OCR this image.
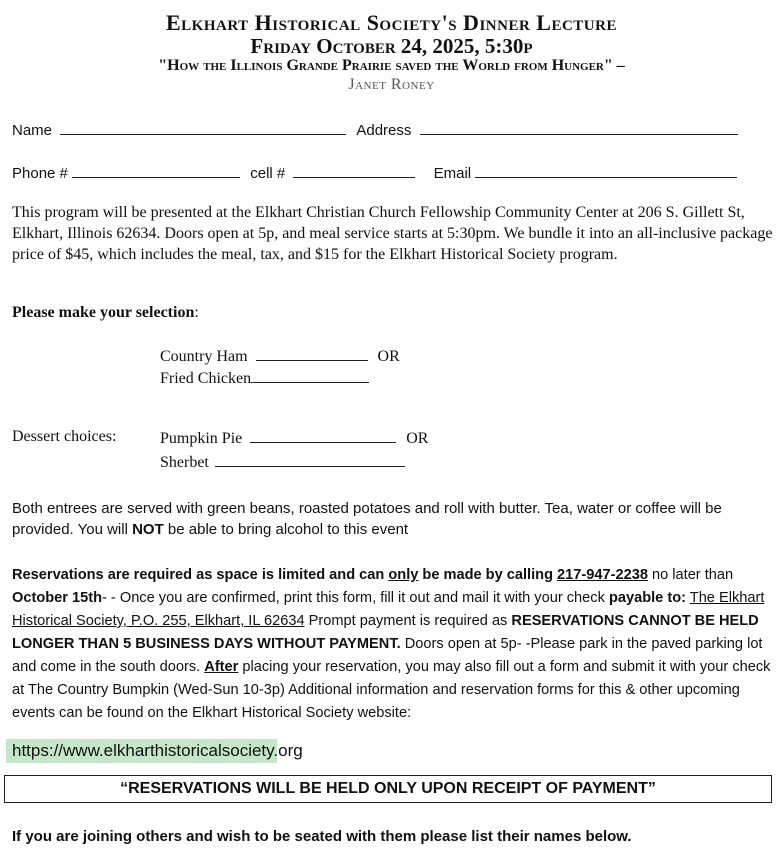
Elkhart Historical Society's Dinner Lecture
Friday October 24, 2025, 5:30p
"How the Illinois Grande Prairie saved the World from Hunger" –
Janet Roney
Name	Address
Phone #	cell #	Email
This program will be presented at the Elkhart Christian Church Fellowship Community Center at 206 S. Gillett St, Elkhart, Illinois 62634. Doors open at 5p, and meal service starts at 5:30pm. We bundle it into an all-inclusive package price of $45, which includes the meal, tax, and $15 for the Elkhart Historical Society program.
Please make your selection:
Country Ham	OR
Fried Chicken
Dessert choices:	Pumpkin Pie	OR
Sherbet
Both entrees are served with green beans, roasted potatoes and roll with butter. Tea, water or coffee will be provided. You will NOT be able to bring alcohol to this event
Reservations are required as space is limited and can only be made by calling 217-947-2238 no later than October 15th- - Once you are confirmed, print this form, fill it out and mail it with your check payable to: The Elkhart Historical Society, P.O. 255, Elkhart, IL 62634 Prompt payment is required as RESERVATIONS CANNOT BE HELD LONGER THAN 5 BUSINESS DAYS WITHOUT PAYMENT. Doors open at 5p- -Please park in the paved parking lot and come in the south doors. After placing your reservation, you may also fill out a form and submit it with your check at The Country Bumpkin (Wed-Sun 10-3p) Additional information and reservation forms for this & other upcoming events can be found on the Elkhart Historical Society website:
https://www.elkharthistoricalsociety.org
“RESERVATIONS WILL BE HELD ONLY UPON RECEIPT OF PAYMENT”
If you are joining others and wish to be seated with them please list their names below.
